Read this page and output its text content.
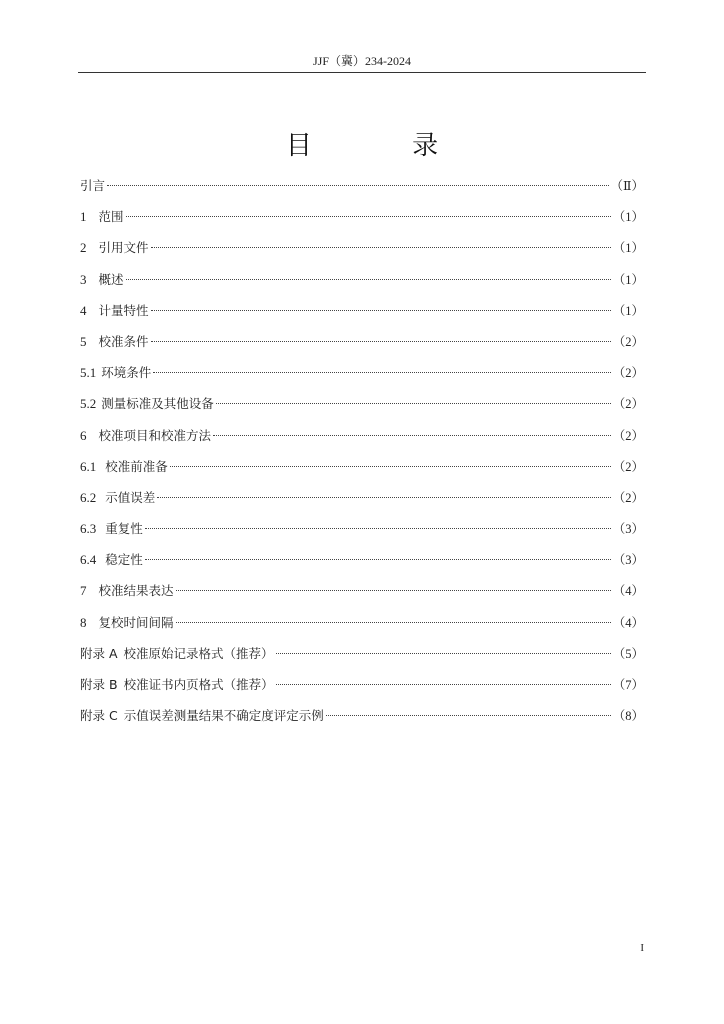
JJF（冀）234-2024
目 录
引言	（Ⅱ）
1 范围	（1）
2 引用文件	（1）
3 概述	（1）
4 计量特性	（1）
5 校准条件	（2）
5.1 环境条件	（2）
5.2 测量标准及其他设备	（2）
6 校准项目和校准方法	（2）
6.1 校准前准备	（2）
6.2 示值误差	（2）
6.3 重复性	（3）
6.4 稳定性	（3）
7 校准结果表达	（4）
8 复校时间间隔	（4）
附录 A 校准原始记录格式（推荐）	（5）
附录 B 校准证书内页格式（推荐）	（7）
附录 C 示值误差测量结果不确定度评定示例	（8）
I
